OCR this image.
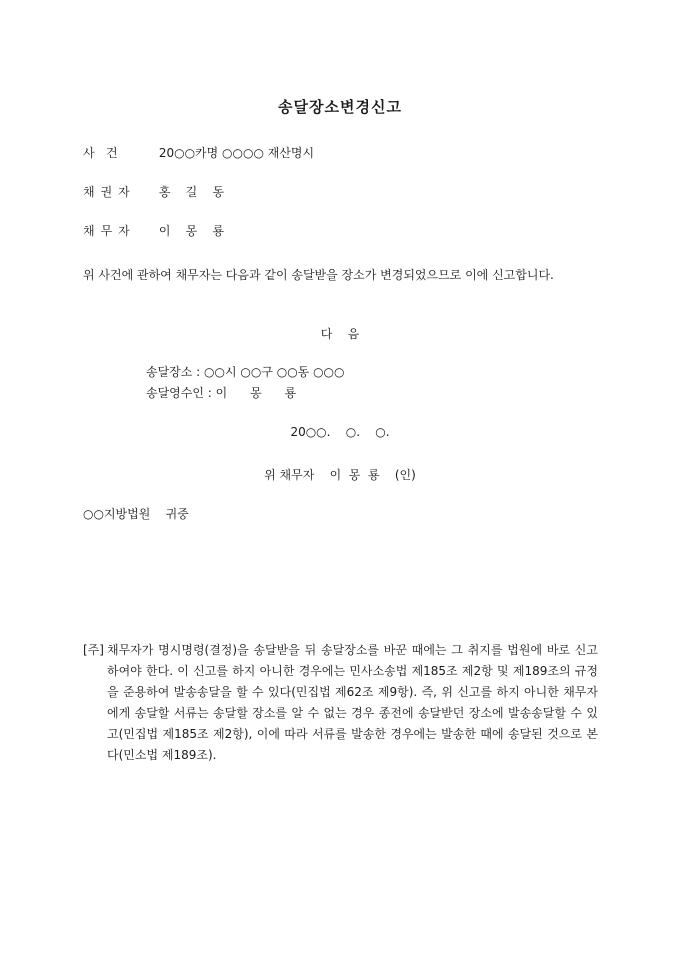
송달장소변경신고
사   건	20○○카명 ○○○○ 재산명시
채권자 홍    길    동
채무자 이    몽    룡
위 사건에 관하여 채무자는 다음과 같이 송달받을 장소가 변경되었으므로 이에 신고합니다.
다    음
송달장소 : ○○시 ○○구 ○○동 ○○○
송달영수인 : 이      몽      룡
20○○.    ○.    ○.
위 채무자    이  몽  룡    (인)
○○지방법원    귀중
[주] 채무자가 명시명령(결정)을 송달받을 뒤 송달장소를 바꾼 때에는 그 취지를 법원에 바로 신고하여야 한다. 이 신고를 하지 아니한 경우에는 민사소송법 제185조 제2항 및 제189조의 규정을 준용하여 발송송달을 할 수 있다(민집법 제62조 제9항). 즉, 위 신고를 하지 아니한 채무자에게 송달할 서류는 송달할 장소를 알 수 없는 경우 종전에 송달받던 장소에 발송송달할 수 있고(민집법 제185조 제2항), 이에 따라 서류를 발송한 경우에는 발송한 때에 송달된 것으로 본다(민소법 제189조).
